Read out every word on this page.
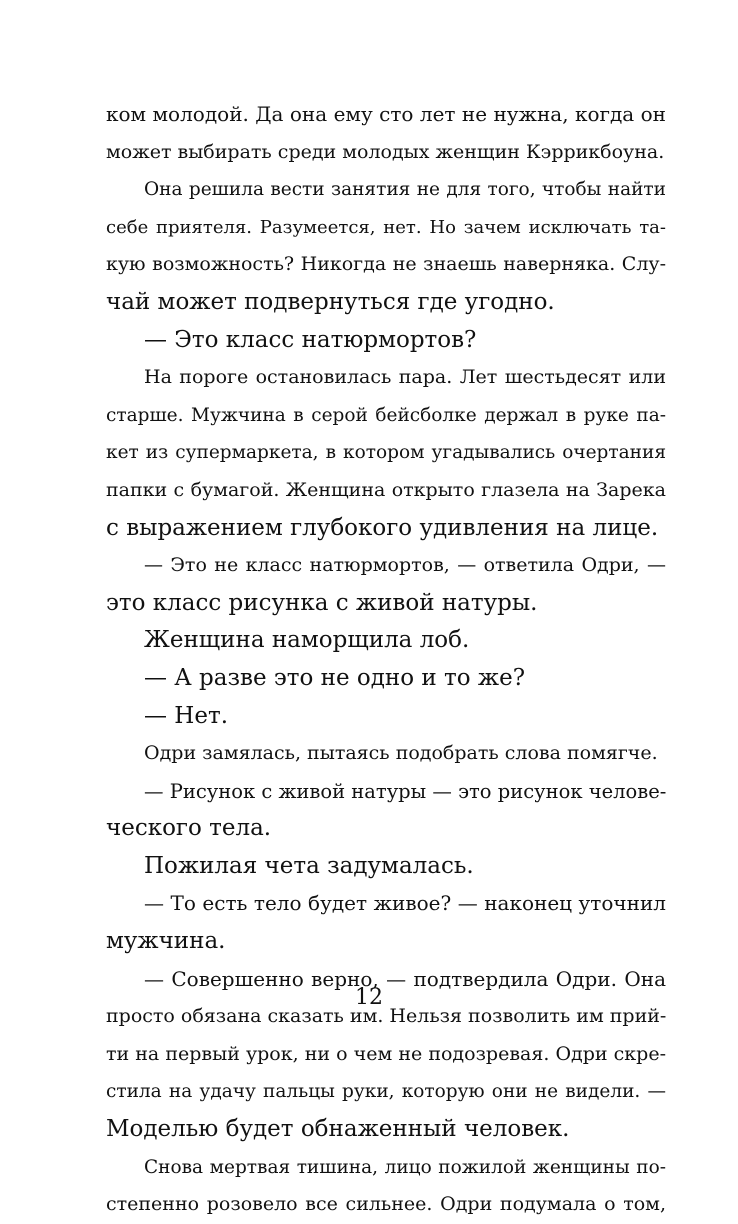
ком молодой. Да она ему сто лет не нужна, когда он
может выбирать среди молодых женщин Кэррикбоуна.
Она решила вести занятия не для того, чтобы найти
себе приятеля. Разумеется, нет. Но зачем исключать та-
кую возможность? Никогда не знаешь наверняка. Слу-
чай может подвернуться где угодно.
— Это класс натюрмортов?
На пороге остановилась пара. Лет шестьдесят или
старше. Мужчина в серой бейсболке держал в руке па-
кет из супермаркета, в котором угадывались очертания
папки с бумагой. Женщина открыто глазела на Зарека
с выражением глубокого удивления на лице.
— Это не класс натюрмортов, — ответила Одри, —
это класс рисунка с живой натуры.
Женщина наморщила лоб.
— А разве это не одно и то же?
— Нет.
Одри замялась, пытаясь подобрать слова помягче.
— Рисунок с живой натуры — это рисунок челове-
ческого тела.
Пожилая чета задумалась.
— То есть тело будет живое? — наконец уточнил
мужчина.
— Совершенно верно, — подтвердила Одри. Она
просто обязана сказать им. Нельзя позволить им прий-
ти на первый урок, ни о чем не подозревая. Одри скре-
стила на удачу пальцы руки, которую они не видели. —
Моделью будет обнаженный человек.
Снова мертвая тишина, лицо пожилой женщины по-
степенно розовело все сильнее. Одри подумала о том,
12
